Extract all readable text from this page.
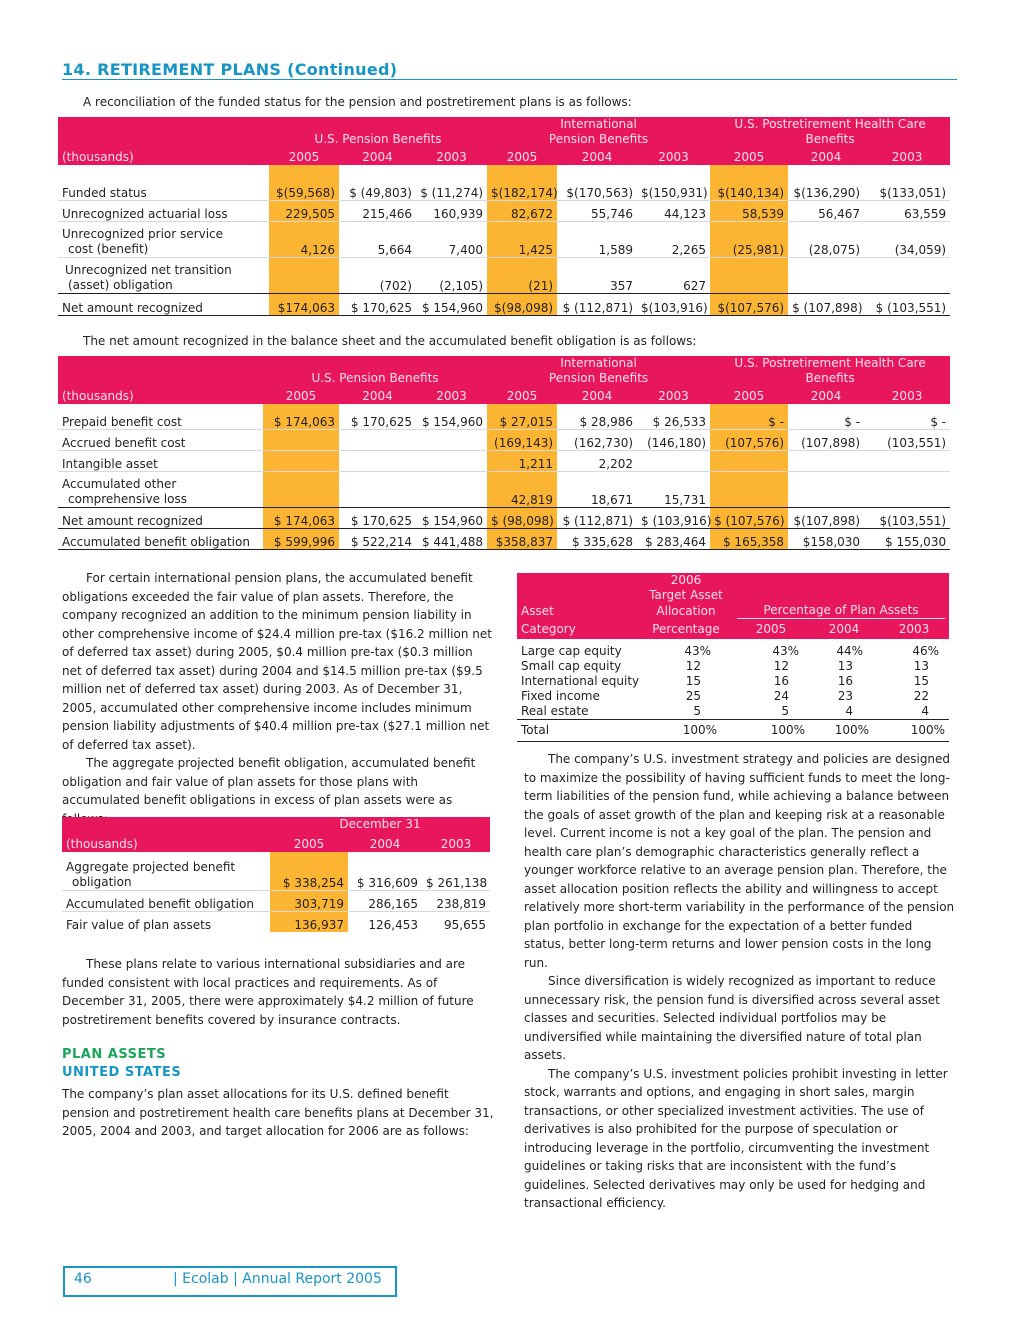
14. RETIREMENT PLANS (Continued)
A reconciliation of the funded status for the pension and postretirement plans is as follows:
				International			U.S. Postretirement Health Care		
	U.S. Pension Benefits			Pension Benefits			Benefits		
(thousands)	2005	2004	2003	2005	2004	2003	2005	2004	2003

Funded status	$(59,568)	$ (49,803)	$ (11,274)	$(182,174)	$(170,563)	$(150,931)	$(140,134)	$(136,290)	$(133,051)
Unrecognized actuarial loss	229,505	215,466	160,939	82,672	55,746	44,123	58,539	56,467	63,559

Unrecognized prior service
cost (benefit)	4,126	5,664	7,400	1,425	1,589	2,265	(25,981)	(28,075)	(34,059)

Unrecognized net transition
(asset) obligation		(702)	(2,105)	(21)	357	627			
Net amount recognized	$174,063	$ 170,625	$ 154,960	$(98,098)	$ (112,871)	$(103,916)	$(107,576)	$ (107,898)	$ (103,551)
The net amount recognized in the balance sheet and the accumulated benefit obligation is as follows:
				International			U.S. Postretirement Health Care		
	U.S. Pension Benefits			Pension Benefits			Benefits		
(thousands)	2005	2004	2003	2005	2004	2003	2005	2004	2003

Prepaid benefit cost	$ 174,063	$ 170,625	$ 154,960	$ 27,015	$ 28,986	$ 26,533	$ -	$ -	$ -
Accrued benefit cost				(169,143)	(162,730)	(146,180)	(107,576)	(107,898)	(103,551)
Intangible asset				1,211	2,202				

Accumulated other
comprehensive loss				42,819	18,671	15,731			
Net amount recognized	$ 174,063	$ 170,625	$ 154,960	$ (98,098)	$ (112,871)	$ (103,916)	$ (107,576)	$(107,898)	$(103,551)
Accumulated benefit obligation	$ 599,996	$ 522,214	$ 441,488	$358,837	$ 335,628	$ 283,464	$ 165,358	$158,030	$ 155,030

For certain international pension plans, the accumulated benefit obligations exceeded the fair value of plan assets. Therefore, the company recognized an addition to the minimum pension liability in other comprehensive income of $24.4 million pre-tax ($16.2 million net of deferred tax asset) during 2005, $0.4 million pre-tax ($0.3 million net of deferred tax asset) during 2004 and $14.5 million pre-tax ($9.5 million net of deferred tax asset) during 2003. As of December 31, 2005, accumulated other comprehensive income includes minimum pension liability adjustments of $40.4 million pre-tax ($27.1 million net of deferred tax asset).

The aggregate projected benefit obligation, accumulated benefit obligation and fair value of plan assets for those plans with accumulated benefit obligations in excess of plan assets were as

	December 31		
(thousands)	2005	2004	2003

Aggregate projected benefit
obligation	$ 338,254	$ 316,609	$ 261,138
Accumulated benefit obligation	303,719	286,165	238,819
Fair value of plan assets	136,937	126,453	95,655

These plans relate to various international subsidiaries and are funded consistent with local practices and requirements. As of December 31, 2005, there were approximately $4.2 million of future postretirement benefits covered by insurance contracts.

PLAN ASSETS
UNITED STATES

The company’s plan asset allocations for its U.S. defined benefit pension and postretirement health care benefits plans at December 31, 2005, 2004 and 2003, and target allocation for 2006 are as follows:

	2006			
	Target Asset			
Asset	Allocation	Percentage of Plan Assets		

Category	Percentage	2005	2004	2003
Large cap equity	43%	43%	44%	46%
Small cap equity	12	12	13	13
International equity	15	16	16	15
Fixed income	25	24	23	22
Real estate	5	5	4	4
Total	100%	100%	100%	100%

The company’s U.S. investment strategy and policies are designed to maximize the possibility of having sufficient funds to meet the long-term liabilities of the pension fund, while achieving a balance between the goals of asset growth of the plan and keeping risk at a reasonable level. Current income is not a key goal of the plan. The pension and health care plan’s demographic characteristics generally reflect a younger workforce relative to an average pension plan. Therefore, the asset allocation position reflects the ability and willingness to accept relatively more short-term variability in the performance of the pension plan portfolio in exchange for the expectation of a better funded status, better long-term returns and lower pension costs in the long run.

Since diversification is widely recognized as important to reduce unnecessary risk, the pension fund is diversified across several asset classes and securities. Selected individual portfolios may be undiversified while maintaining the diversified nature of total plan assets.

The company’s U.S. investment policies prohibit investing in letter stock, warrants and options, and engaging in short sales, margin transactions, or other specialized investment activities. The use of derivatives is also prohibited for the purpose of speculation or introducing leverage in the portfolio, circumventing the investment guidelines or taking risks that are inconsistent with the fund’s guidelines. Selected derivatives may only be used for hedging and transactional efficiency.

46	| Ecolab | Annual Report 2005
